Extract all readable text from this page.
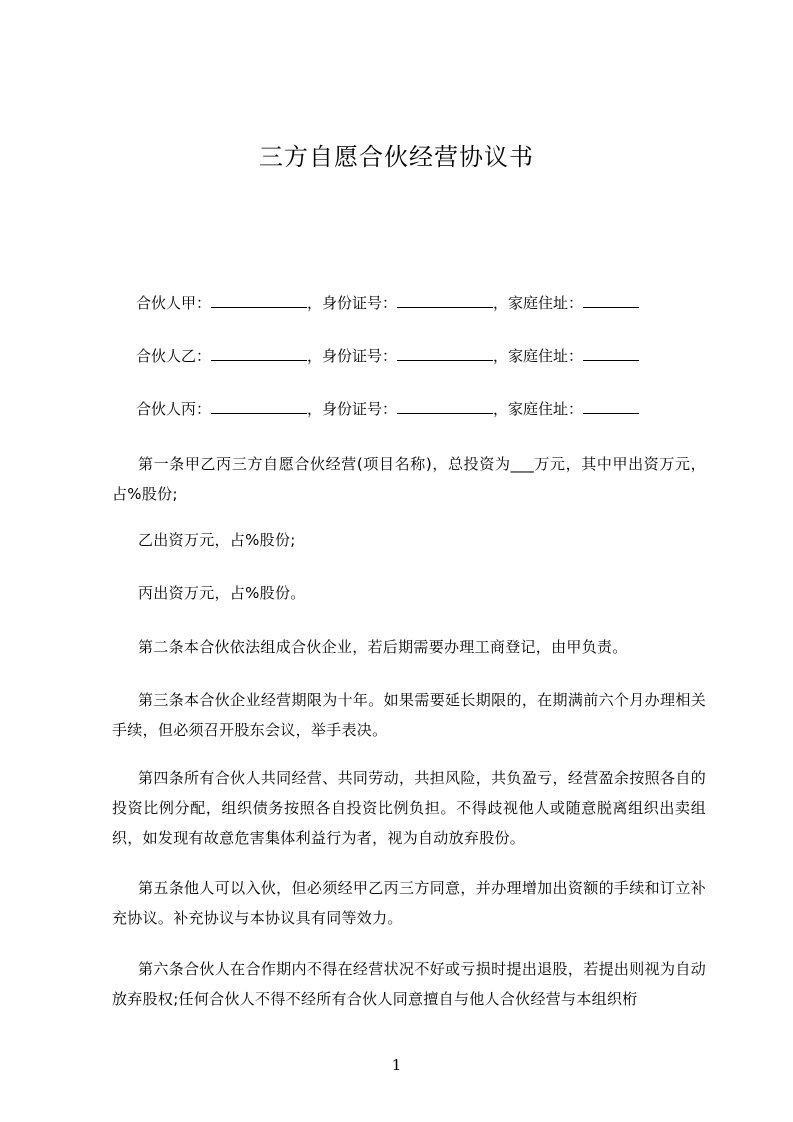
三方自愿合伙经营协议书
合伙人甲：	，身份证号：	，家庭住址：
合伙人乙：	，身份证号：	，家庭住址：
合伙人丙：	，身份证号：	，家庭住址：
第一条甲乙丙三方自愿合伙经营(项目名称)，总投资为___万元，其中甲出资万元，占%股份;
乙出资万元，占%股份;
丙出资万元，占%股份。
第二条本合伙依法组成合伙企业，若后期需要办理工商登记，由甲负责。
第三条本合伙企业经营期限为十年。如果需要延长期限的，在期满前六个月办理相关手续，但必须召开股东会议，举手表决。
第四条所有合伙人共同经营、共同劳动，共担风险，共负盈亏，经营盈余按照各自的投资比例分配，组织债务按照各自投资比例负担。不得歧视他人或随意脱离组织出卖组织，如发现有故意危害集体利益行为者，视为自动放弃股份。
第五条他人可以入伙，但必须经甲乙丙三方同意，并办理增加出资额的手续和订立补充协议。补充协议与本协议具有同等效力。
第六条合伙人在合作期内不得在经营状况不好或亏损时提出退股，若提出则视为自动放弃股权;任何合伙人不得不经所有合伙人同意擅自与他人合伙经营与本组织桁
1
